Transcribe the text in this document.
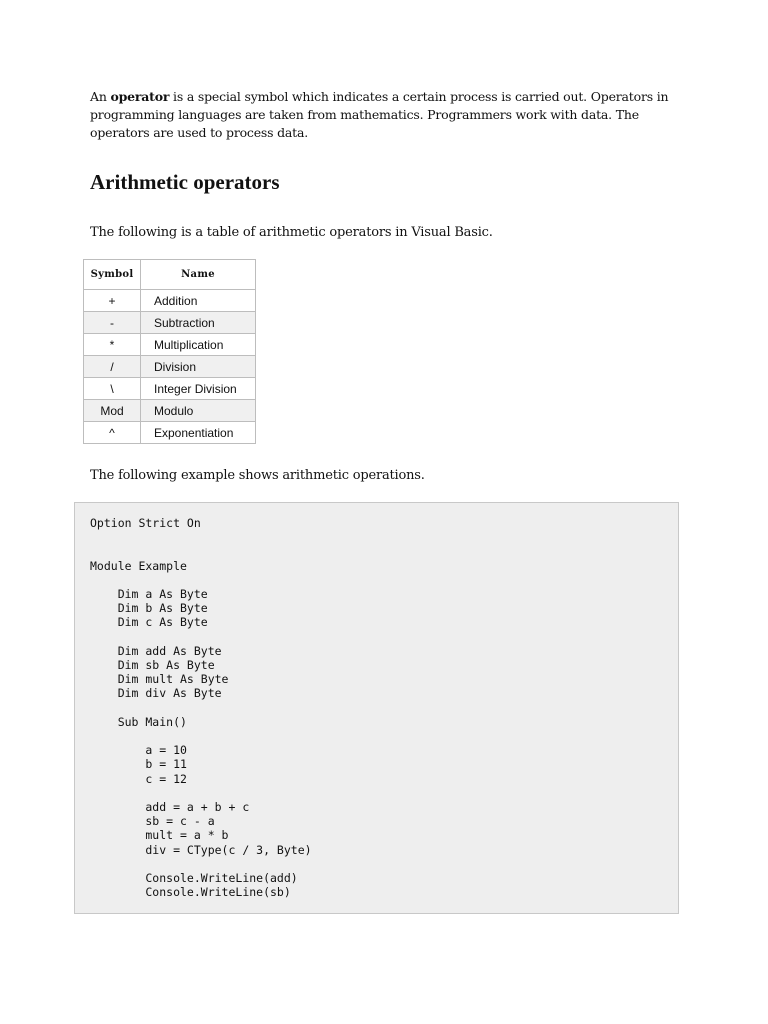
An operator is a special symbol which indicates a certain process is carried out. Operators in programming languages are taken from mathematics. Programmers work with data. The operators are used to process data.

Arithmetic operators

The following is a table of arithmetic operators in Visual Basic.

Symbol	Name
+	Addition
-	Subtraction
*	Multiplication
/	Division
\	Integer Division
Mod	Modulo
^	Exponentiation

The following example shows arithmetic operations.

Option Strict On

Module Example

Dim a As Byte
Dim b As Byte
Dim c As Byte

Dim add As Byte
Dim sb As Byte
Dim mult As Byte
Dim div As Byte

Sub Main()

a = 10
b = 11
c = 12

add = a + b + c
sb = c - a
mult = a * b
div = CType(c / 3, Byte)

Console.WriteLine(add)
Console.WriteLine(sb)
